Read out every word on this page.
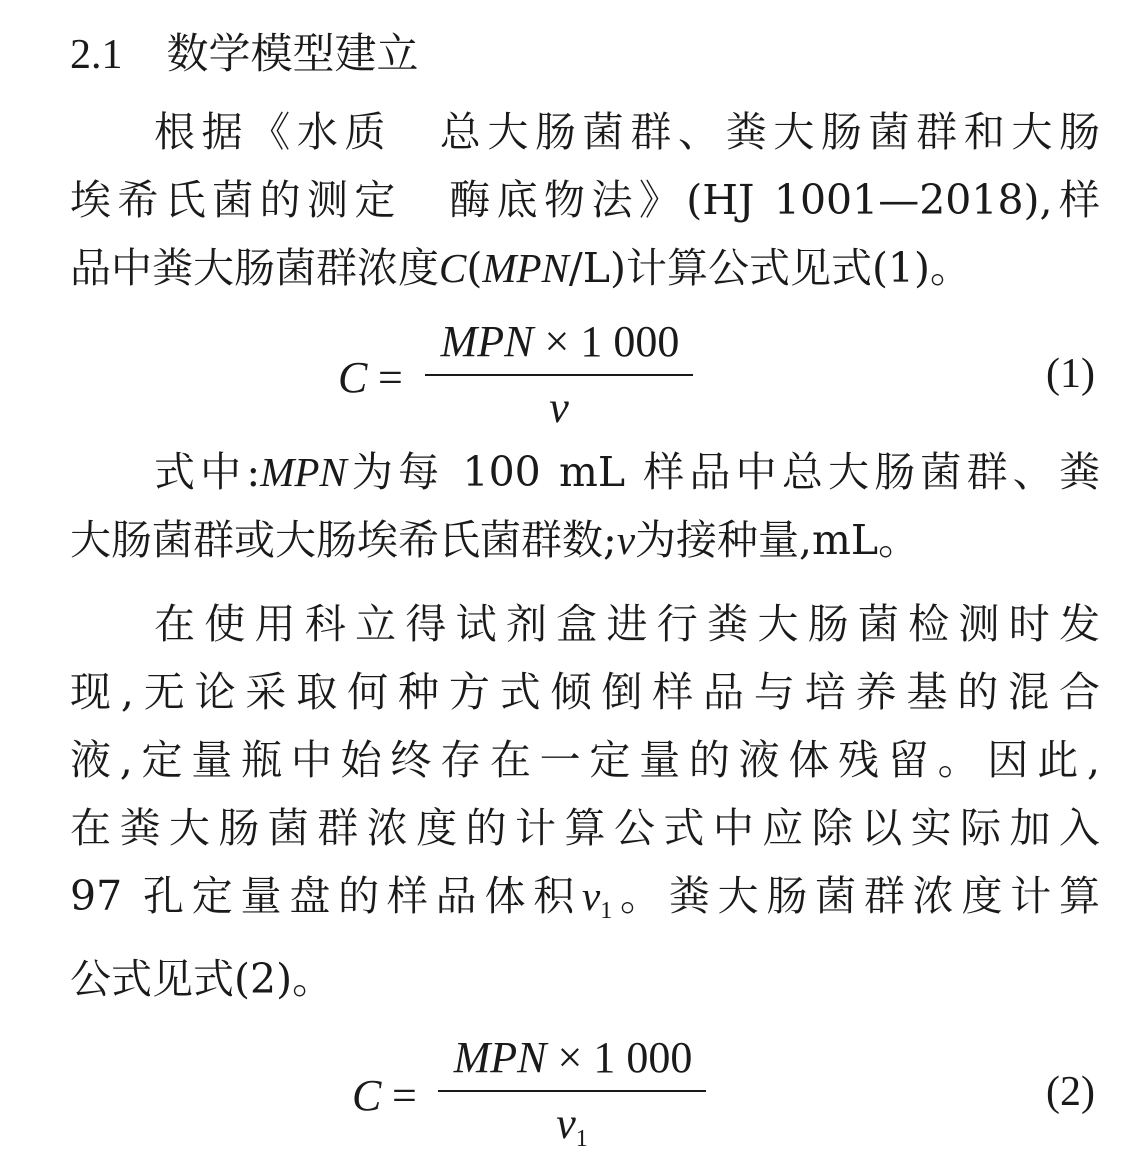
2.1 数学模型建立
根据《水质　总大肠菌群、粪大肠菌群和大肠
埃希氏菌的测定　酶底物法》(HJ 1001—2018),样
品中粪大肠菌群浓度C(MPN/L)计算公式见式(1)。
C =
MPN × 1 000
v
(1)
式中:MPN为每 100 mL 样品中总大肠菌群、粪
大肠菌群或大肠埃希氏菌群数;v为接种量,mL。
在使用科立得试剂盒进行粪大肠菌检测时发
现,无论采取何种方式倾倒样品与培养基的混合
液,定量瓶中始终存在一定量的液体残留。因此,
在粪大肠菌群浓度的计算公式中应除以实际加入
97 孔定量盘的样品体积$v_1$。粪大肠菌群浓度计算
公式见式(2)。
C =
MPN × 1 000
$v_1$
(2)
